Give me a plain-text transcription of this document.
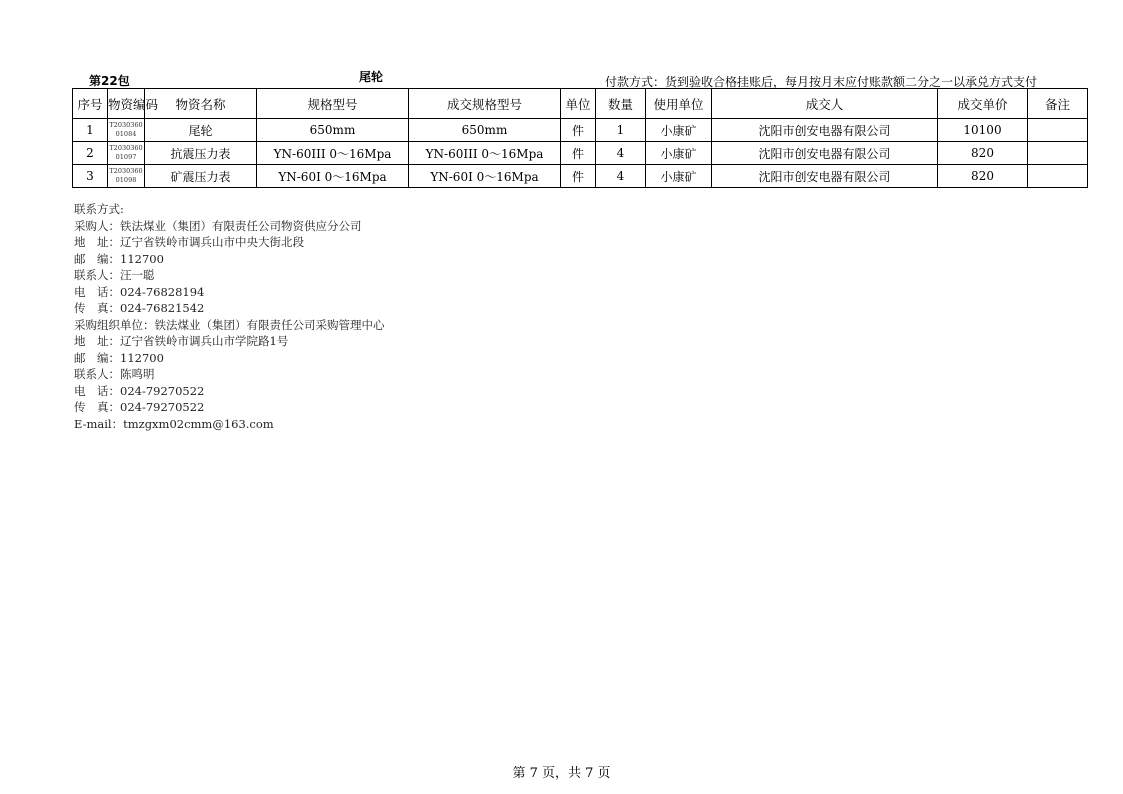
第22包	尾轮	付款方式：货到验收合格挂账后，每月按月末应付账款额二分之一以承兑方式支付
序号	物资编码	物资名称	规格型号	成交规格型号	单位	数量	使用单位	成交人	成交单价	备注
1	T2030360 01084	尾轮	650mm	650mm	件	1	小康矿	沈阳市创安电器有限公司	10100	
2	T2030360 01097	抗震压力表	YN-60III 0～16Mpa	YN-60III 0～16Mpa	件	4	小康矿	沈阳市创安电器有限公司	820	
3	T2030360 01098	矿震压力表	YN-60I 0～16Mpa	YN-60I 0～16Mpa	件	4	小康矿	沈阳市创安电器有限公司	820	
联系方式:
采购人：铁法煤业（集团）有限责任公司物资供应分公司
地　址：辽宁省铁岭市调兵山市中央大街北段
邮　编：112700
联系人：汪一聪
电　话：024-76828194
传　真：024-76821542
采购组织单位：铁法煤业（集团）有限责任公司采购管理中心
地　址：辽宁省铁岭市调兵山市学院路1号
邮　编：112700
联系人：陈鸣明
电　话：024-79270522
传　真：024-79270522
E-mail：tmzgxm02cmm@163.com
第 7 页，共 7 页
